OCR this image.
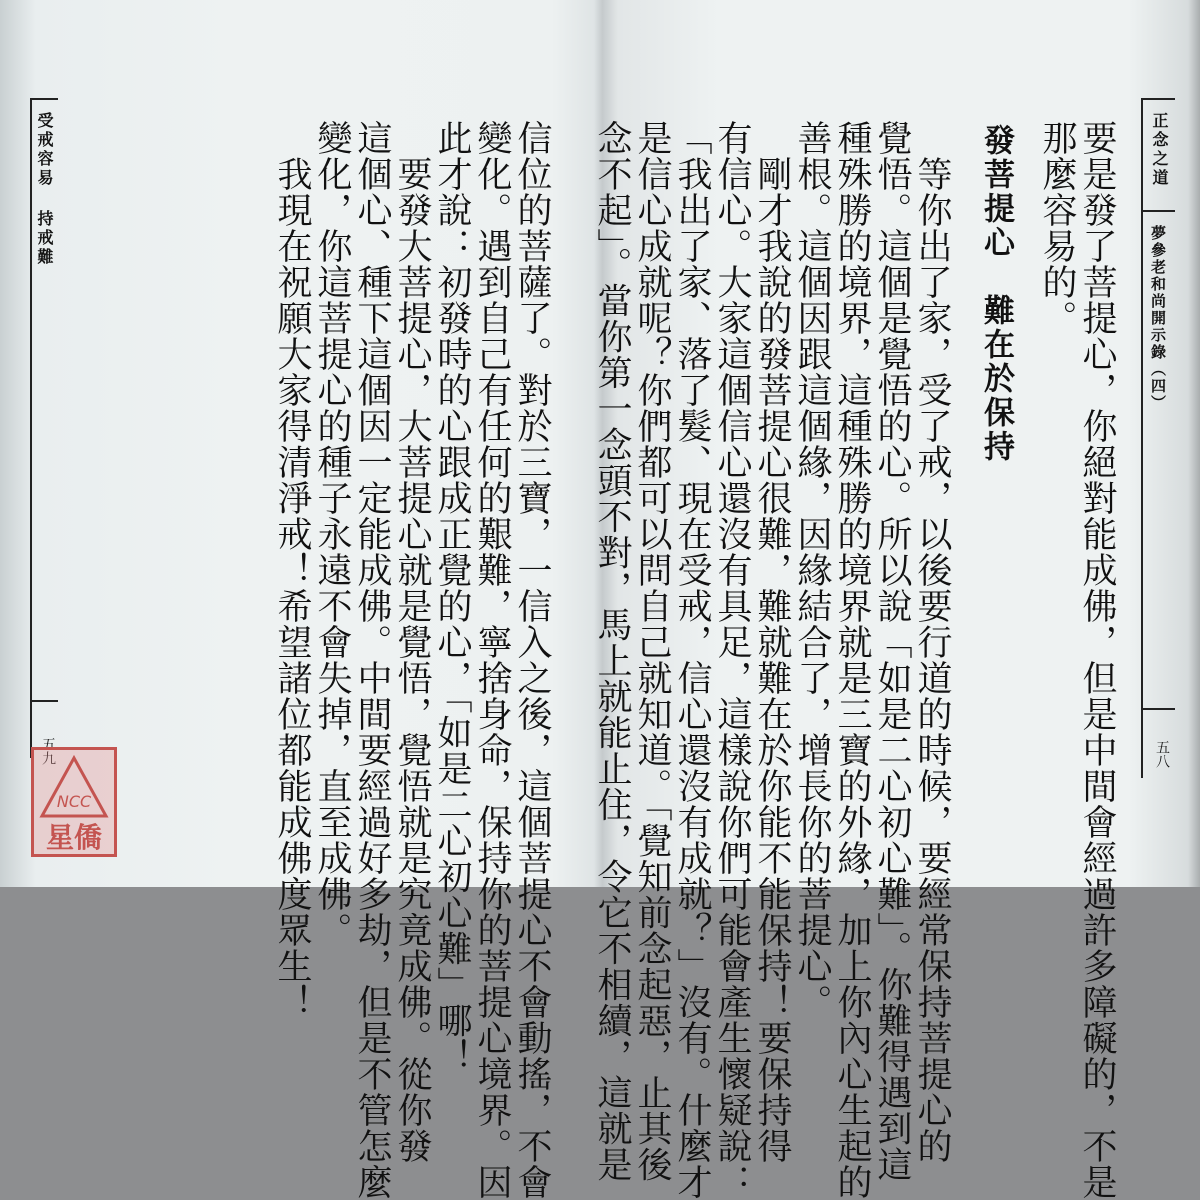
受戒容易 持戒難
五九	信位的菩薩了。對於三寶，一信入之後，這個菩提心不會動搖，不會
變化。遇到自己有任何的艱難，寧捨身命，保持你的菩提心境界。因
此才說：初發時的心跟成正覺的心，「如是二心初心難」哪！
　要發大菩提心，大菩提心就是覺悟，覺悟就是究竟成佛。從你發
這個心、種下這個因一定能成佛。中間要經過好多劫，但是不管怎麼
變化，你這菩提心的種子永遠不會失掉，直至成佛。
　我現在祝願大家得清淨戒！希望諸位都能成佛度眾生！	正念之道
夢參老和尚開示錄（四）
五八
要是發了菩提心，你絕對能成佛，但是中間會經過許多障礙的，不是
那麼容易的。
發菩提心　難在於保持
　等你出了家，受了戒，以後要行道的時候，要經常保持菩提心的
覺悟。這個是覺悟的心。所以說「如是二心初心難」。你難得遇到這
種殊勝的境界，這種殊勝的境界就是三寶的外緣，加上你內心生起的
善根。這個因跟這個緣，因緣結合了，增長你的菩提心。
　剛才我說的發菩提心很難，難就難在於你能不能保持！要保持得
有信心。大家這個信心還沒有具足，這樣說你們可能會產生懷疑說：
「我出了家、落了髮、現在受戒，信心還沒有成就？」沒有。什麼才
是信心成就呢？你們都可以問自己就知道。「覺知前念起惡，止其後
念不起」。當你第一念頭不對，馬上就能止住，令它不相續，這就是
NCC
星僑
